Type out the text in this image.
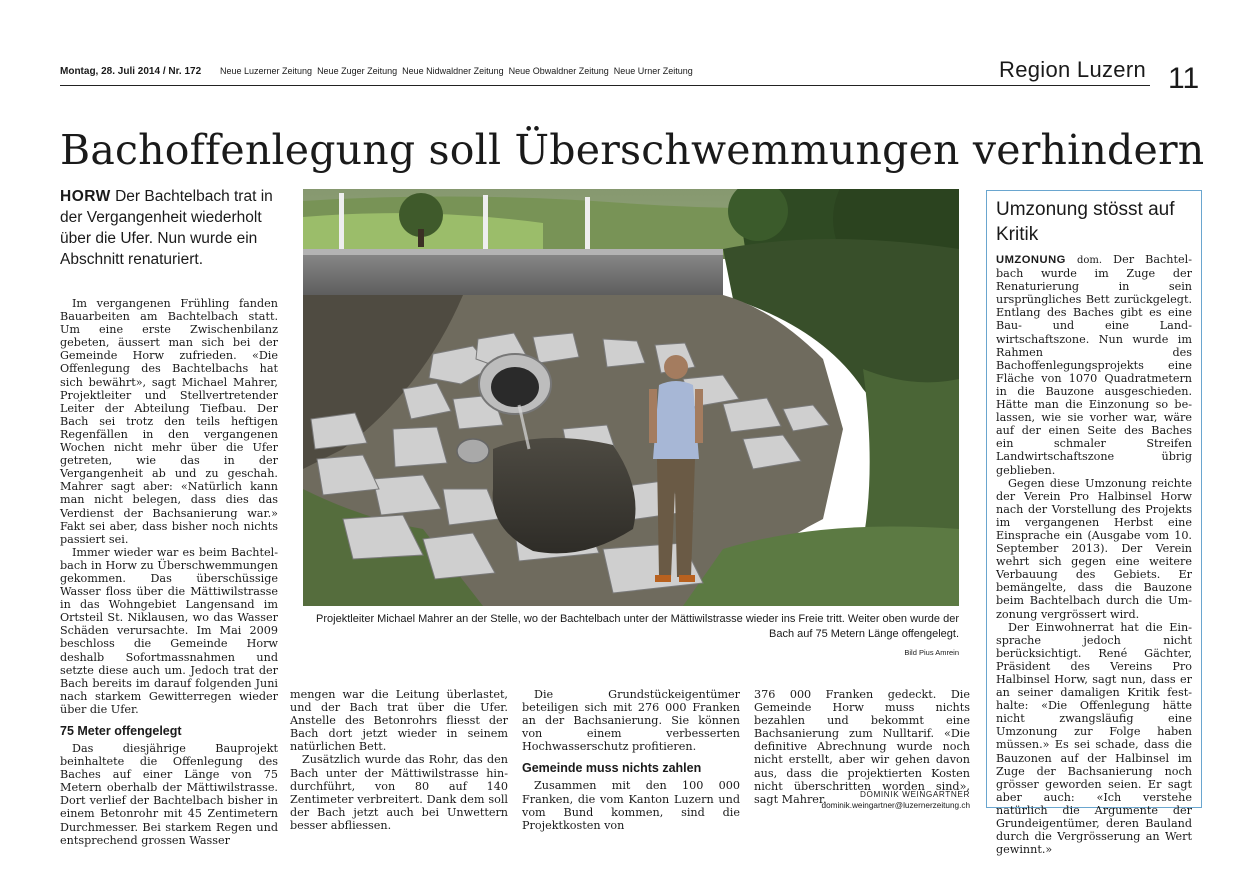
Montag, 28. Juli 2014 / Nr. 172 Neue Luzerner Zeitung Neue Zuger Zeitung Neue Nidwaldner Zeitung Neue Obwaldner Zeitung Neue Urner Zeitung	Region Luzern 11
Bachoffenlegung soll Überschwemmungen verhindern
HORW Der Bachtelbach trat in der Vergangenheit wiederholt über die Ufer. Nun wurde ein Abschnitt renaturiert.

Im vergangenen Frühling fanden Bauarbeiten am Bachtelbach statt. Um eine erste Zwischenbilanz gebeten, äussert man sich bei der Gemeinde Horw zufrieden. «Die Offenlegung des Bachtelbachs hat sich bewährt», sagt Michael Mahrer, Projektleiter und Stellvertretender Leiter der Abteilung Tiefbau. Der Bach sei trotz den teils heftigen Regenfällen in den vergangenen Wochen nicht mehr über die Ufer getreten, wie das in der Vergangenheit ab und zu geschah. Mahrer sagt aber: «Natürlich kann man nicht belegen, dass dies das Verdienst der Bachsanierung war.» Fakt sei aber, dass bisher noch nichts passiert sei.

Immer wieder war es beim Bachtelbach in Horw zu Überschwemmungen gekommen. Das überschüssige Wasser floss über die Mättiwilstrasse in das Wohngebiet Langensand im Ortsteil St. Niklausen, wo das Wasser Schäden verursachte. Im Mai 2009 beschloss die Gemeinde Horw deshalb Sofortmassnahmen und setzte diese auch um. Jedoch trat der Bach bereits im darauf folgenden Juni nach starkem Gewitterregen wieder über die Ufer.

75 Meter offengelegt

Das diesjährige Bauprojekt beinhaltete die Offenlegung des Baches auf einer Länge von 75 Metern oberhalb der Mättiwilstrasse. Dort verlief der Bachtelbach bisher in einem Betonrohr mit 45 Zentimetern Durchmesser. Bei starkem Regen und entsprechend grossen Wasser

mengen war die Leitung überlastet, und der Bach trat über die Ufer. Anstelle des Betonrohrs fliesst der Bach dort jetzt wieder in seinem natürlichen Bett.

Zusätzlich wurde das Rohr, das den Bach unter der Mättiwilstrasse hindurchführt, von 80 auf 140 Zentimeter verbreitert. Dank dem soll der Bach jetzt auch bei Unwettern besser abfliessen.

Die Grundstückeigentümer beteiligen sich mit 276 000 Franken an der Bachsanierung. Sie können von einem verbesserten Hochwasserschutz profitieren.

Gemeinde muss nichts zahlen

Zusammen mit den 100 000 Franken, die vom Kanton Luzern und vom Bund kommen, sind die Projektkosten von

376 000 Franken gedeckt. Die Gemeinde Horw muss nichts bezahlen und bekommt eine Bachsanierung zum Nulltarif. «Die definitive Abrechnung wurde noch nicht erstellt, aber wir gehen davon aus, dass die projektierten Kosten nicht überschritten worden sind», sagt Mahrer.	DOMINIK WEINGARTNER
dominik.weingartner@luzernerzeitung.ch
Projektleiter Michael Mahrer an der Stelle, wo der Bachtelbach unter der Mättiwilstrasse wieder ins Freie tritt. Weiter oben wurde der Bach auf 75 Metern Länge offengelegt.
Bild Pius Amrein
Umzonung stösst auf Kritik

UMZONUNG dom. Der Bachtelbach wurde im Zuge der Renaturierung in sein ursprüngliches Bett zurückgelegt. Entlang des Baches gibt es eine Bau- und eine Landwirtschaftszone. Nun wurde im Rahmen des Bachoffenlegungsprojekts eine Fläche von 1070 Quadratmetern in die Bauzone ausgeschieden. Hätte man die Einzonung so belassen, wie sie vorher war, wäre auf der einen Seite des Baches ein schmaler Streifen Landwirtschaftszone übrig geblieben.

Gegen diese Umzonung reichte der Verein Pro Halbinsel Horw nach der Vorstellung des Projekts im vergangenen Herbst eine Einsprache ein (Ausgabe vom 10. September 2013). Der Verein wehrt sich gegen eine weitere Verbauung des Gebiets. Er bemängelte, dass die Bauzone beim Bachtelbach durch die Umzonung vergrössert wird.

Der Einwohnerrat hat die Einsprache jedoch nicht berücksichtigt. René Gächter, Präsident des Vereins Pro Halbinsel Horw, sagt nun, dass er an seiner damaligen Kritik festhalte: «Die Offenlegung hätte nicht zwangsläufig eine Umzonung zur Folge haben müssen.» Es sei schade, dass die Bauzonen auf der Halbinsel im Zuge der Bachsanierung noch grösser geworden seien. Er sagt aber auch: «Ich verstehe natürlich die Argumente der Grundeigentümer, deren Bauland durch die Vergrösserung an Wert gewinnt.»
